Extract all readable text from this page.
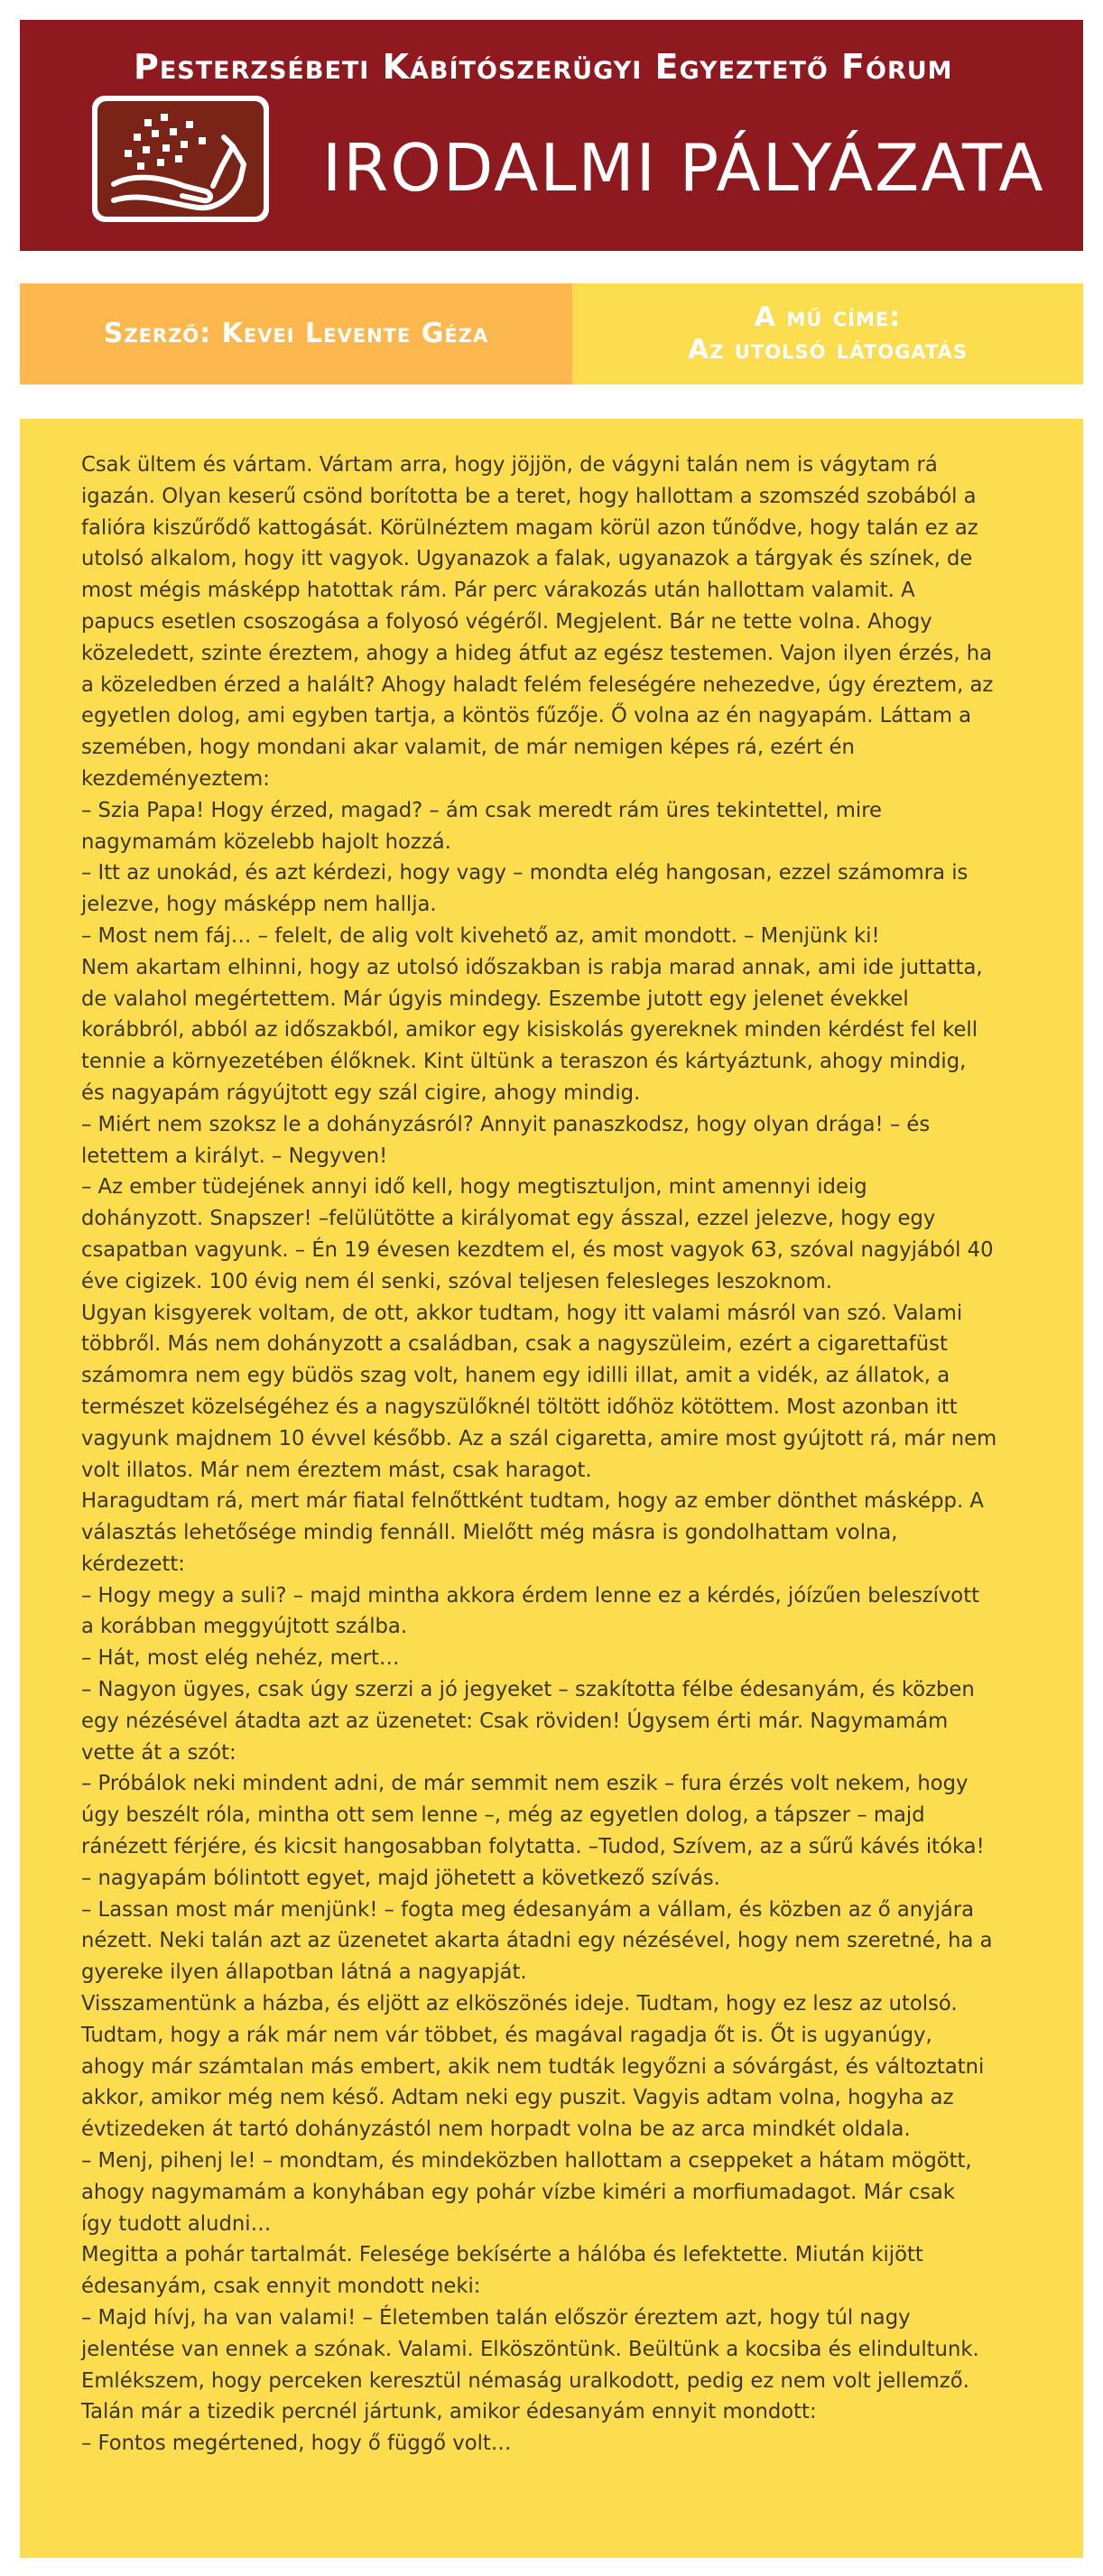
Pesterzsébeti Kábítószerügyi Egyeztető Fórum
IRODALMI PÁLYÁZATA
Szerző: Kevei Levente Géza
A mű címe:
Az utolsó látogatás

Csak ültem és vártam. Vártam arra, hogy jöjjön, de vágyni talán nem is vágytam rá

igazán. Olyan keserű csönd borította be a teret, hogy hallottam a szomszéd szobából a

falióra kiszűrődő kattogását. Körülnéztem magam körül azon tűnődve, hogy talán ez az

utolsó alkalom, hogy itt vagyok. Ugyanazok a falak, ugyanazok a tárgyak és színek, de

most mégis másképp hatottak rám. Pár perc várakozás után hallottam valamit. A

papucs esetlen csoszogása a folyosó végéről. Megjelent. Bár ne tette volna. Ahogy

közeledett, szinte éreztem, ahogy a hideg átfut az egész testemen. Vajon ilyen érzés, ha

a közeledben érzed a halált? Ahogy haladt felém feleségére nehezedve, úgy éreztem, az

egyetlen dolog, ami egyben tartja, a köntös fűzője. Ő volna az én nagyapám. Láttam a

szemében, hogy mondani akar valamit, de már nemigen képes rá, ezért én

kezdeményeztem:

– Szia Papa! Hogy érzed, magad? – ám csak meredt rám üres tekintettel, mire

nagymamám közelebb hajolt hozzá.

– Itt az unokád, és azt kérdezi, hogy vagy – mondta elég hangosan, ezzel számomra is

jelezve, hogy másképp nem hallja.

– Most nem fáj… – felelt, de alig volt kivehető az, amit mondott. – Menjünk ki!

Nem akartam elhinni, hogy az utolsó időszakban is rabja marad annak, ami ide juttatta,

de valahol megértettem. Már úgyis mindegy. Eszembe jutott egy jelenet évekkel

korábbról, abból az időszakból, amikor egy kisiskolás gyereknek minden kérdést fel kell

tennie a környezetében élőknek. Kint ültünk a teraszon és kártyáztunk, ahogy mindig,

és nagyapám rágyújtott egy szál cigire, ahogy mindig.

– Miért nem szoksz le a dohányzásról? Annyit panaszkodsz, hogy olyan drága! – és

letettem a királyt. – Negyven!

– Az ember tüdejének annyi idő kell, hogy megtisztuljon, mint amennyi ideig

dohányzott. Snapszer! –felülütötte a királyomat egy ásszal, ezzel jelezve, hogy egy

csapatban vagyunk. – Én 19 évesen kezdtem el, és most vagyok 63, szóval nagyjából 40

éve cigizek. 100 évig nem él senki, szóval teljesen felesleges leszoknom.

Ugyan kisgyerek voltam, de ott, akkor tudtam, hogy itt valami másról van szó. Valami

többről. Más nem dohányzott a családban, csak a nagyszüleim, ezért a cigarettafüst

számomra nem egy büdös szag volt, hanem egy idilli illat, amit a vidék, az állatok, a

természet közelségéhez és a nagyszülőknél töltött időhöz kötöttem. Most azonban itt

vagyunk majdnem 10 évvel később. Az a szál cigaretta, amire most gyújtott rá, már nem

volt illatos. Már nem éreztem mást, csak haragot.

Haragudtam rá, mert már fiatal felnőttként tudtam, hogy az ember dönthet másképp. A

választás lehetősége mindig fennáll. Mielőtt még másra is gondolhattam volna,

kérdezett:

– Hogy megy a suli? – majd mintha akkora érdem lenne ez a kérdés, jóízűen beleszívott

a korábban meggyújtott szálba.

– Hát, most elég nehéz, mert…

– Nagyon ügyes, csak úgy szerzi a jó jegyeket – szakította félbe édesanyám, és közben

egy nézésével átadta azt az üzenetet: Csak röviden! Úgysem érti már. Nagymamám

vette át a szót:

– Próbálok neki mindent adni, de már semmit nem eszik – fura érzés volt nekem, hogy

úgy beszélt róla, mintha ott sem lenne –, még az egyetlen dolog, a tápszer – majd

ránézett férjére, és kicsit hangosabban folytatta. –Tudod, Szívem, az a sűrű kávés itóka!

– nagyapám bólintott egyet, majd jöhetett a következő szívás.

– Lassan most már menjünk! – fogta meg édesanyám a vállam, és közben az ő anyjára

nézett. Neki talán azt az üzenetet akarta átadni egy nézésével, hogy nem szeretné, ha a

gyereke ilyen állapotban látná a nagyapját.

Visszamentünk a házba, és eljött az elköszönés ideje. Tudtam, hogy ez lesz az utolsó.

Tudtam, hogy a rák már nem vár többet, és magával ragadja őt is. Őt is ugyanúgy,

ahogy már számtalan más embert, akik nem tudták legyőzni a sóvárgást, és változtatni

akkor, amikor még nem késő. Adtam neki egy puszit. Vagyis adtam volna, hogyha az

évtizedeken át tartó dohányzástól nem horpadt volna be az arca mindkét oldala.

– Menj, pihenj le! – mondtam, és mindeközben hallottam a cseppeket a hátam mögött,

ahogy nagymamám a konyhában egy pohár vízbe kiméri a morfiumadagot. Már csak

így tudott aludni…

Megitta a pohár tartalmát. Felesége bekísérte a hálóba és lefektette. Miután kijött

édesanyám, csak ennyit mondott neki:

– Majd hívj, ha van valami! – Életemben talán először éreztem azt, hogy túl nagy

jelentése van ennek a szónak. Valami. Elköszöntünk. Beültünk a kocsiba és elindultunk.

Emlékszem, hogy perceken keresztül némaság uralkodott, pedig ez nem volt jellemző.

Talán már a tizedik percnél jártunk, amikor édesanyám ennyit mondott:

– Fontos megértened, hogy ő függő volt…
